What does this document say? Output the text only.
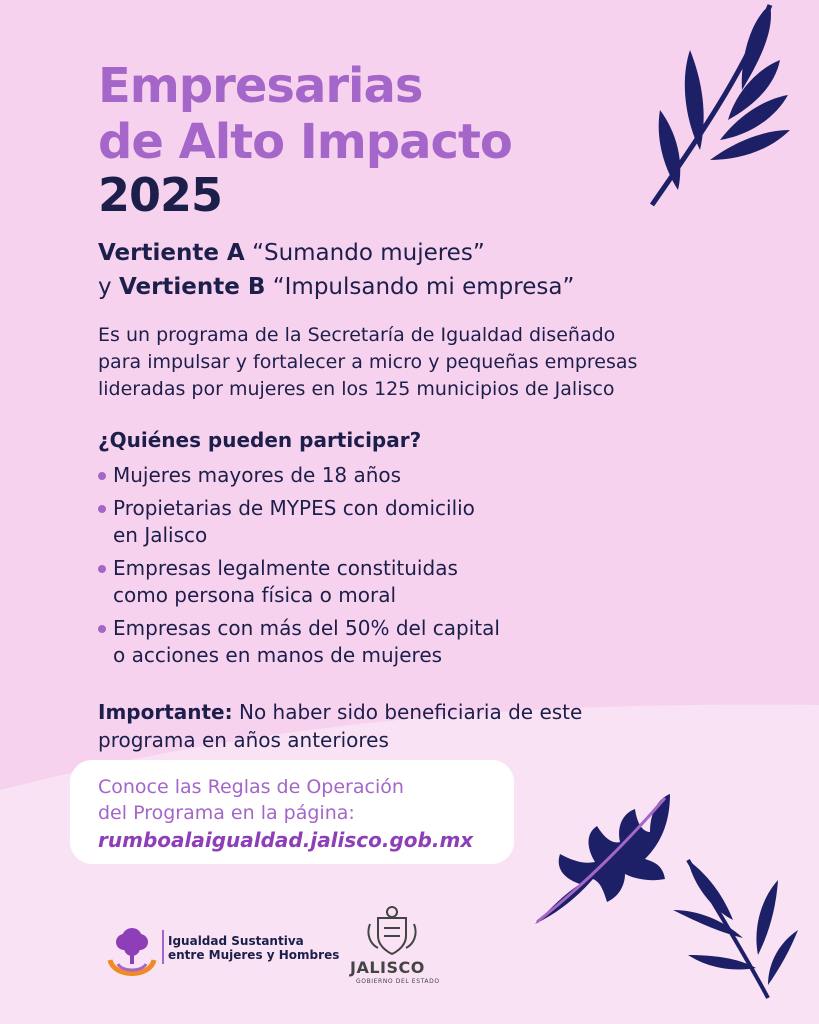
Empresarias
de Alto Impacto
2025
Vertiente A “Sumando mujeres”
y Vertiente B “Impulsando mi empresa”

Es un programa de la Secretaría de Igualdad diseñado

para impulsar y fortalecer a micro y pequeñas empresas

lideradas por mujeres en los 125 municipios de Jalisco

¿Quiénes pueden participar?
Mujeres mayores de 18 años
Propietarias de MYPES con domicilio
en Jalisco
Empresas legalmente constituidas
como persona física o moral
Empresas con más del 50% del capital
o acciones en manos de mujeres
Importante: No haber sido beneficiaria de este
programa en años anteriores
Conoce las Reglas de Operación
del Programa en la página:
rumboalaigualdad.jalisco.gob.mx
Igualdad Sustantiva
entre Mujeres y Hombres
JALISCO
GOBIERNO DEL ESTADO
